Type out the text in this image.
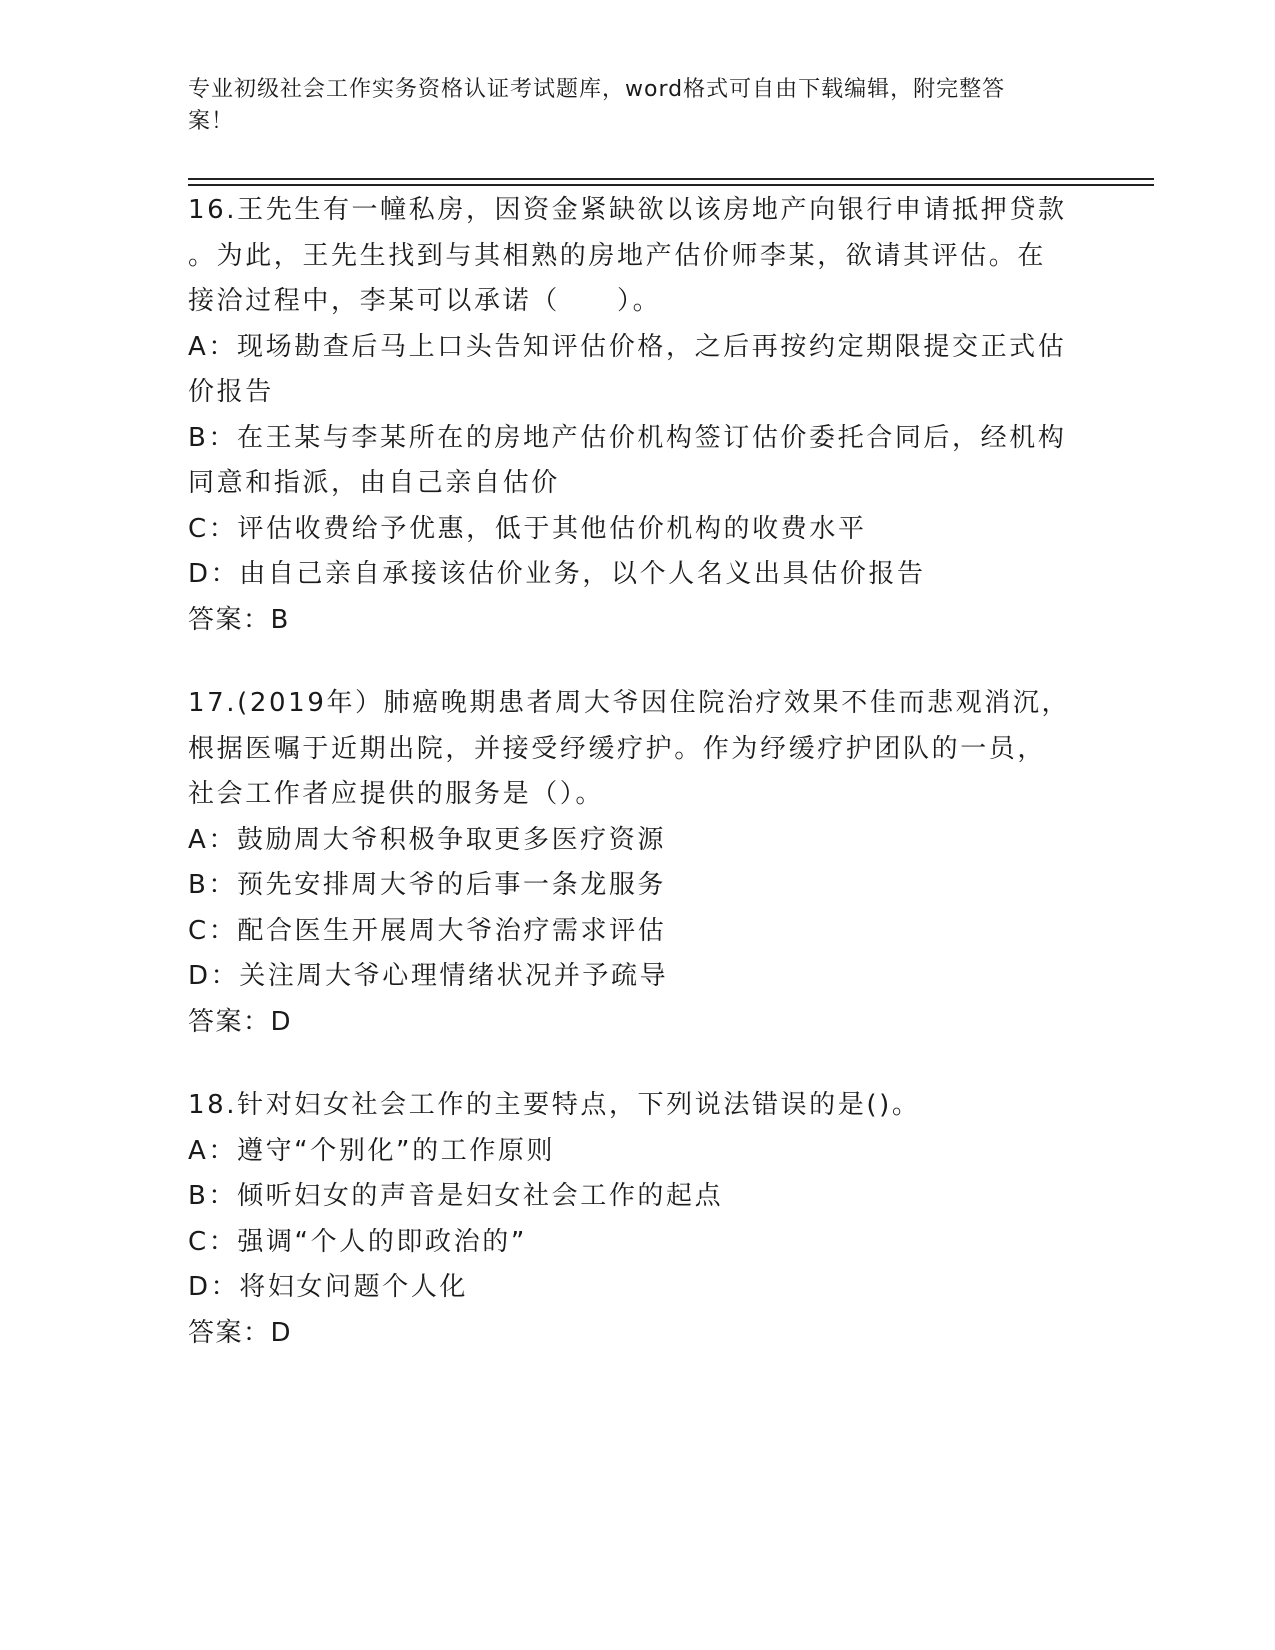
专业初级社会工作实务资格认证考试题库，word格式可自由下载编辑，附完整答
案！
16.王先生有一幢私房，因资金紧缺欲以该房地产向银行申请抵押贷款
。为此，王先生找到与其相熟的房地产估价师李某，欲请其评估。在
接洽过程中，李某可以承诺（　　）。
A：现场勘查后马上口头告知评估价格，之后再按约定期限提交正式估
价报告
B：在王某与李某所在的房地产估价机构签订估价委托合同后，经机构
同意和指派，由自己亲自估价
C：评估收费给予优惠，低于其他估价机构的收费水平
D：由自己亲自承接该估价业务，以个人名义出具估价报告
答案：B
17.(2019年）肺癌晚期患者周大爷因住院治疗效果不佳而悲观消沉，
根据医嘱于近期出院，并接受纾缓疗护。作为纾缓疗护团队的一员，
社会工作者应提供的服务是（）。
A：鼓励周大爷积极争取更多医疗资源
B：预先安排周大爷的后事一条龙服务
C：配合医生开展周大爷治疗需求评估
D：关注周大爷心理情绪状况并予疏导
答案：D
18.针对妇女社会工作的主要特点，下列说法错误的是()。
A：遵守“个别化”的工作原则
B：倾听妇女的声音是妇女社会工作的起点
C：强调“个人的即政治的”
D：将妇女问题个人化
答案：D
